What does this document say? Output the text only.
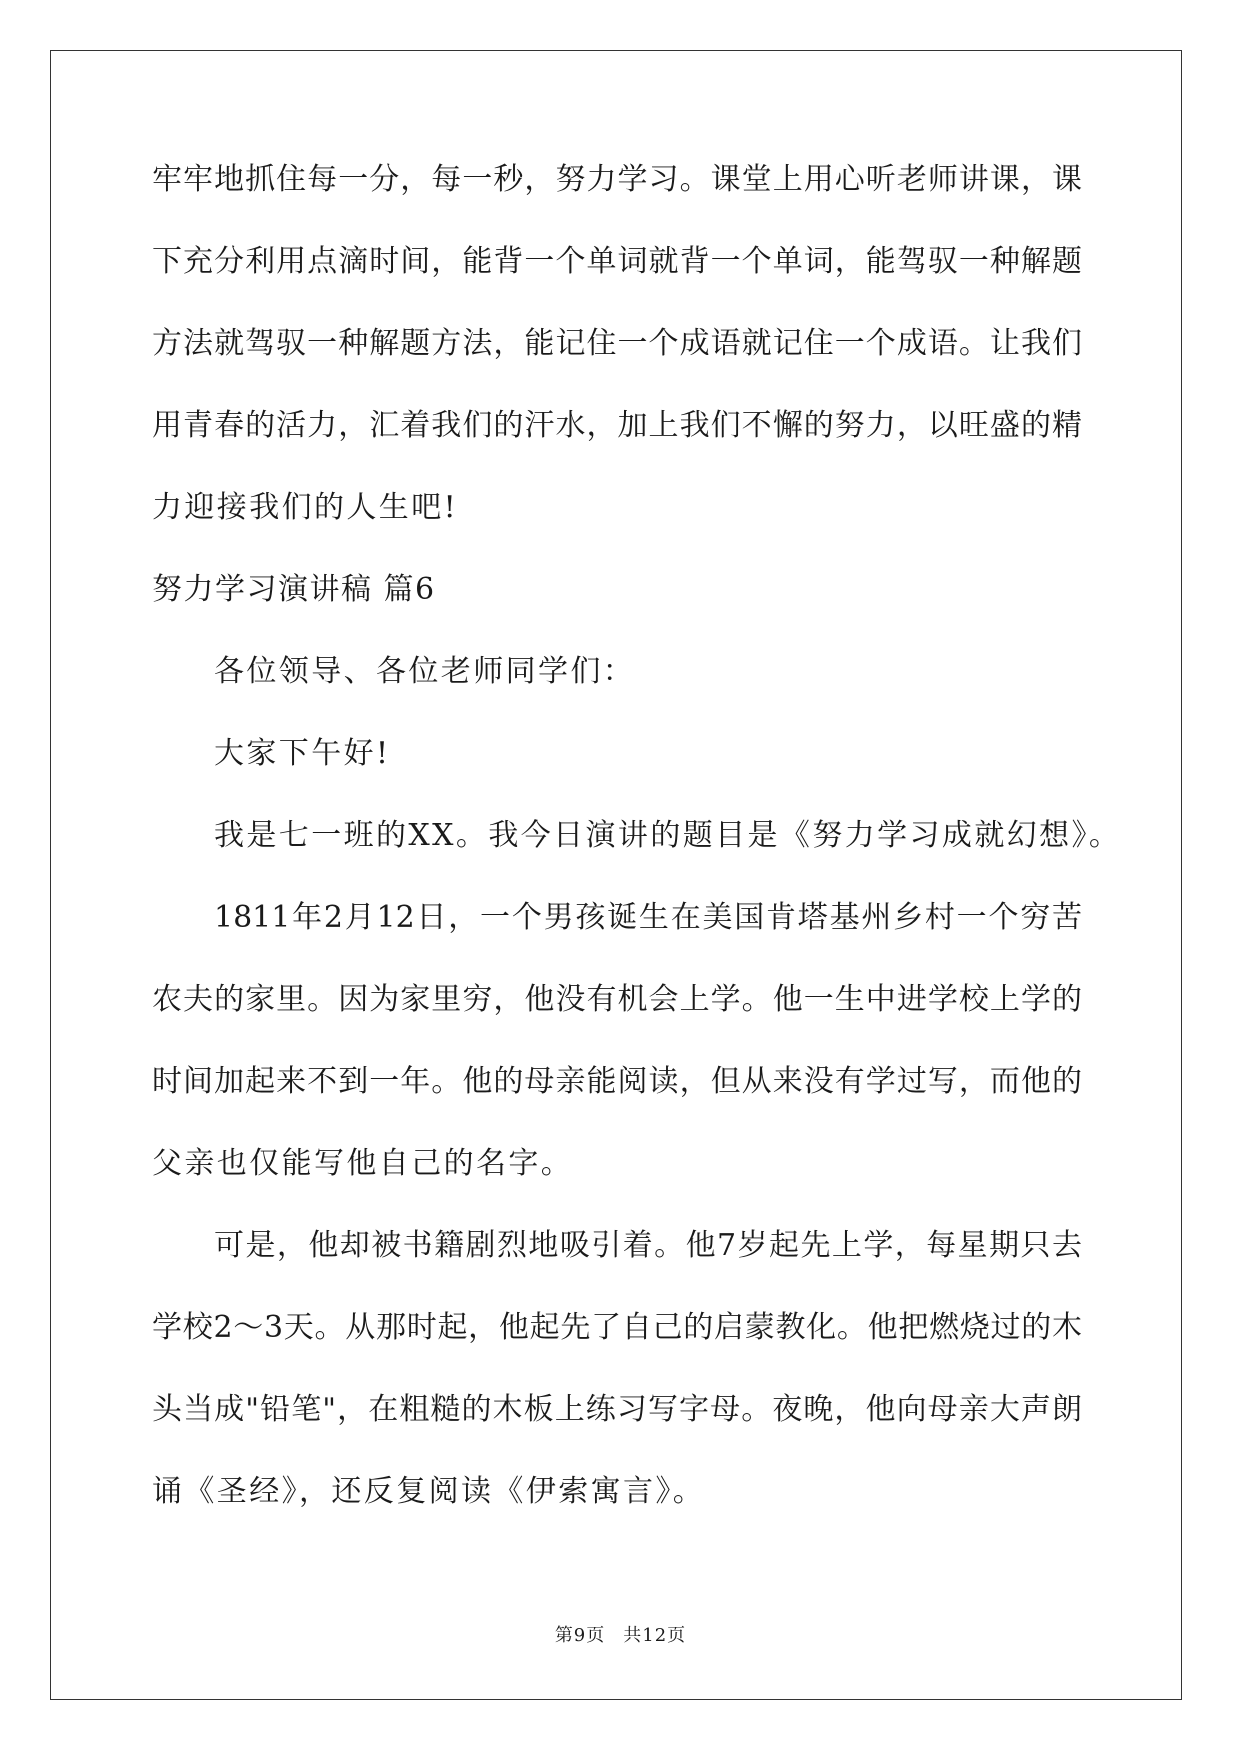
牢牢地抓住每一分，每一秒，努力学习。课堂上用心听老师讲课，课
下充分利用点滴时间，能背一个单词就背一个单词，能驾驭一种解题
方法就驾驭一种解题方法，能记住一个成语就记住一个成语。让我们
用青春的活力，汇着我们的汗水，加上我们不懈的努力，以旺盛的精
力迎接我们的人生吧!
努力学习演讲稿 篇6
各位领导、各位老师同学们：
大家下午好!
我是七一班的XX。我今日演讲的题目是《努力学习成就幻想》。
1811年2月12日，一个男孩诞生在美国肯塔基州乡村一个穷苦
农夫的家里。因为家里穷，他没有机会上学。他一生中进学校上学的
时间加起来不到一年。他的母亲能阅读，但从来没有学过写，而他的
父亲也仅能写他自己的名字。
可是，他却被书籍剧烈地吸引着。他7岁起先上学，每星期只去
学校2～3天。从那时起，他起先了自己的启蒙教化。他把燃烧过的木
头当成"铅笔"，在粗糙的木板上练习写字母。夜晚，他向母亲大声朗
诵《圣经》，还反复阅读《伊索寓言》。
第9页 共12页
